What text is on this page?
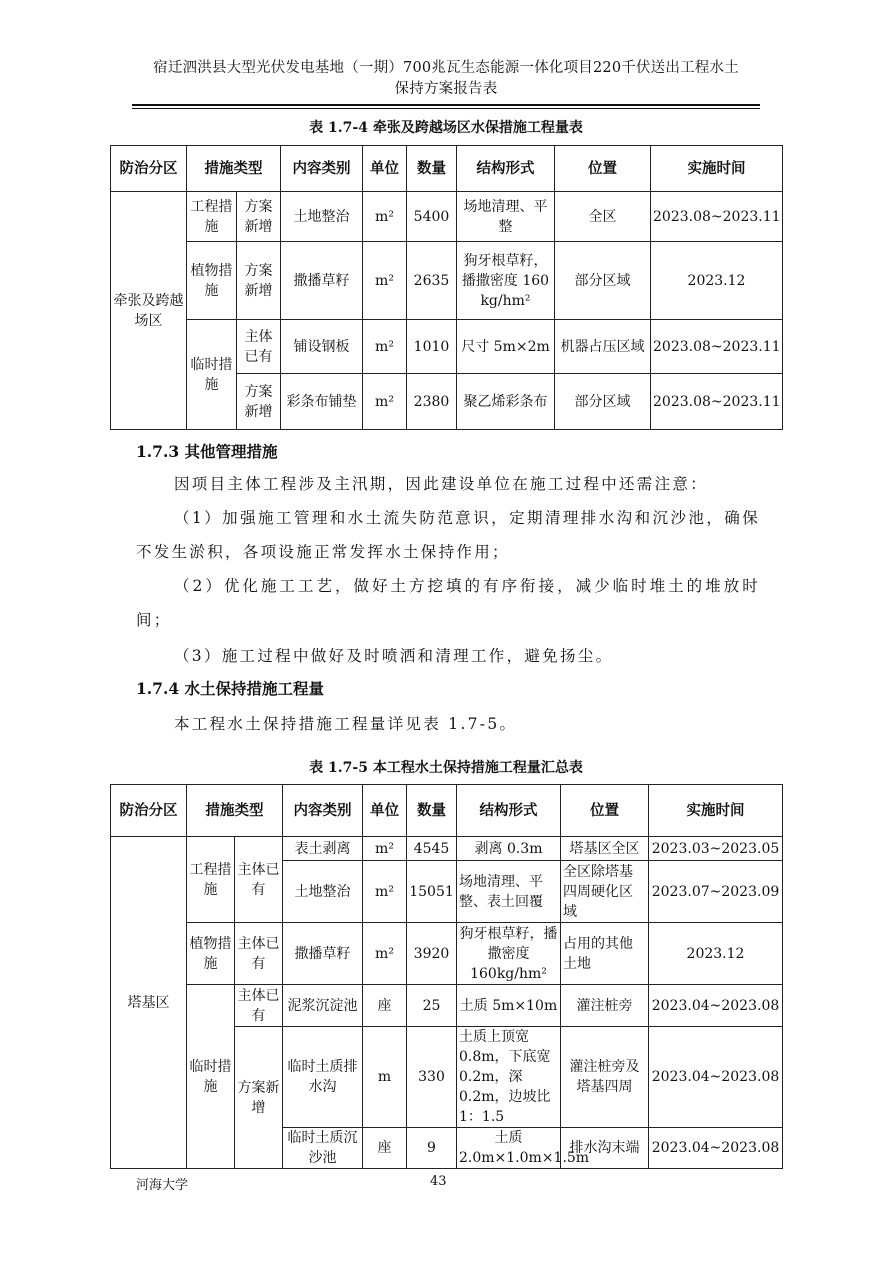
宿迁泗洪县大型光伏发电基地（一期）700兆瓦生态能源一体化项目220千伏送出工程水土
保持方案报告表
表 1.7-4 牵张及跨越场区水保措施工程量表
防治分区	措施类型		内容类别	单位	数量	结构形式	位置	实施时间
牵张及跨越场区	工程措施	方案新增	土地整治	m²	5400	场地清理、平整	全区	2023.08~2023.11
	植物措施	方案新增	撒播草籽	m²	2635	狗牙根草籽，播撒密度 160 kg/hm²	部分区域	2023.12
	临时措施	主体已有	铺设钢板	m²	1010	尺寸 5m×2m	机器占压区域	2023.08~2023.11
		方案新增	彩条布铺垫	m²	2380	聚乙烯彩条布	部分区域	2023.08~2023.11
1.7.3 其他管理措施
因项目主体工程涉及主汛期，因此建设单位在施工过程中还需注意：
（1）加强施工管理和水土流失防范意识，定期清理排水沟和沉沙池，确保不发生淤积，各项设施正常发挥水土保持作用；
（2）优化施工工艺，做好土方挖填的有序衔接，减少临时堆土的堆放时间；
（3）施工过程中做好及时喷洒和清理工作，避免扬尘。
1.7.4 水土保持措施工程量
本工程水土保持措施工程量详见表 1.7-5。
表 1.7-5 本工程水土保持措施工程量汇总表
防治分区	措施类型		内容类别	单位	数量	结构形式	位置	实施时间
塔基区	工程措施	主体已有	表土剥离	m²	4545	剥离 0.3m	塔基区全区	2023.03~2023.05
			土地整治	m²	15051	场地清理、平整、表土回覆	全区除塔基四周硬化区域	2023.07~2023.09
	植物措施	主体已有	撒播草籽	m²	3920	狗牙根草籽，播撒密度 160kg/hm²	占用的其他土地	2023.12
	临时措施	主体已有	泥浆沉淀池	座	25	土质 5m×10m	灌注桩旁	2023.04~2023.08
		方案新增	临时土质排水沟	m	330	土质上顶宽 0.8m，下底宽 0.2m，深 0.2m，边坡比 1：1.5	灌注桩旁及塔基四周	2023.04~2023.08
			临时土质沉沙池	座	9	土质 2.0m×1.0m×1.5m	排水沟末端	2023.04~2023.08
河海大学	43
